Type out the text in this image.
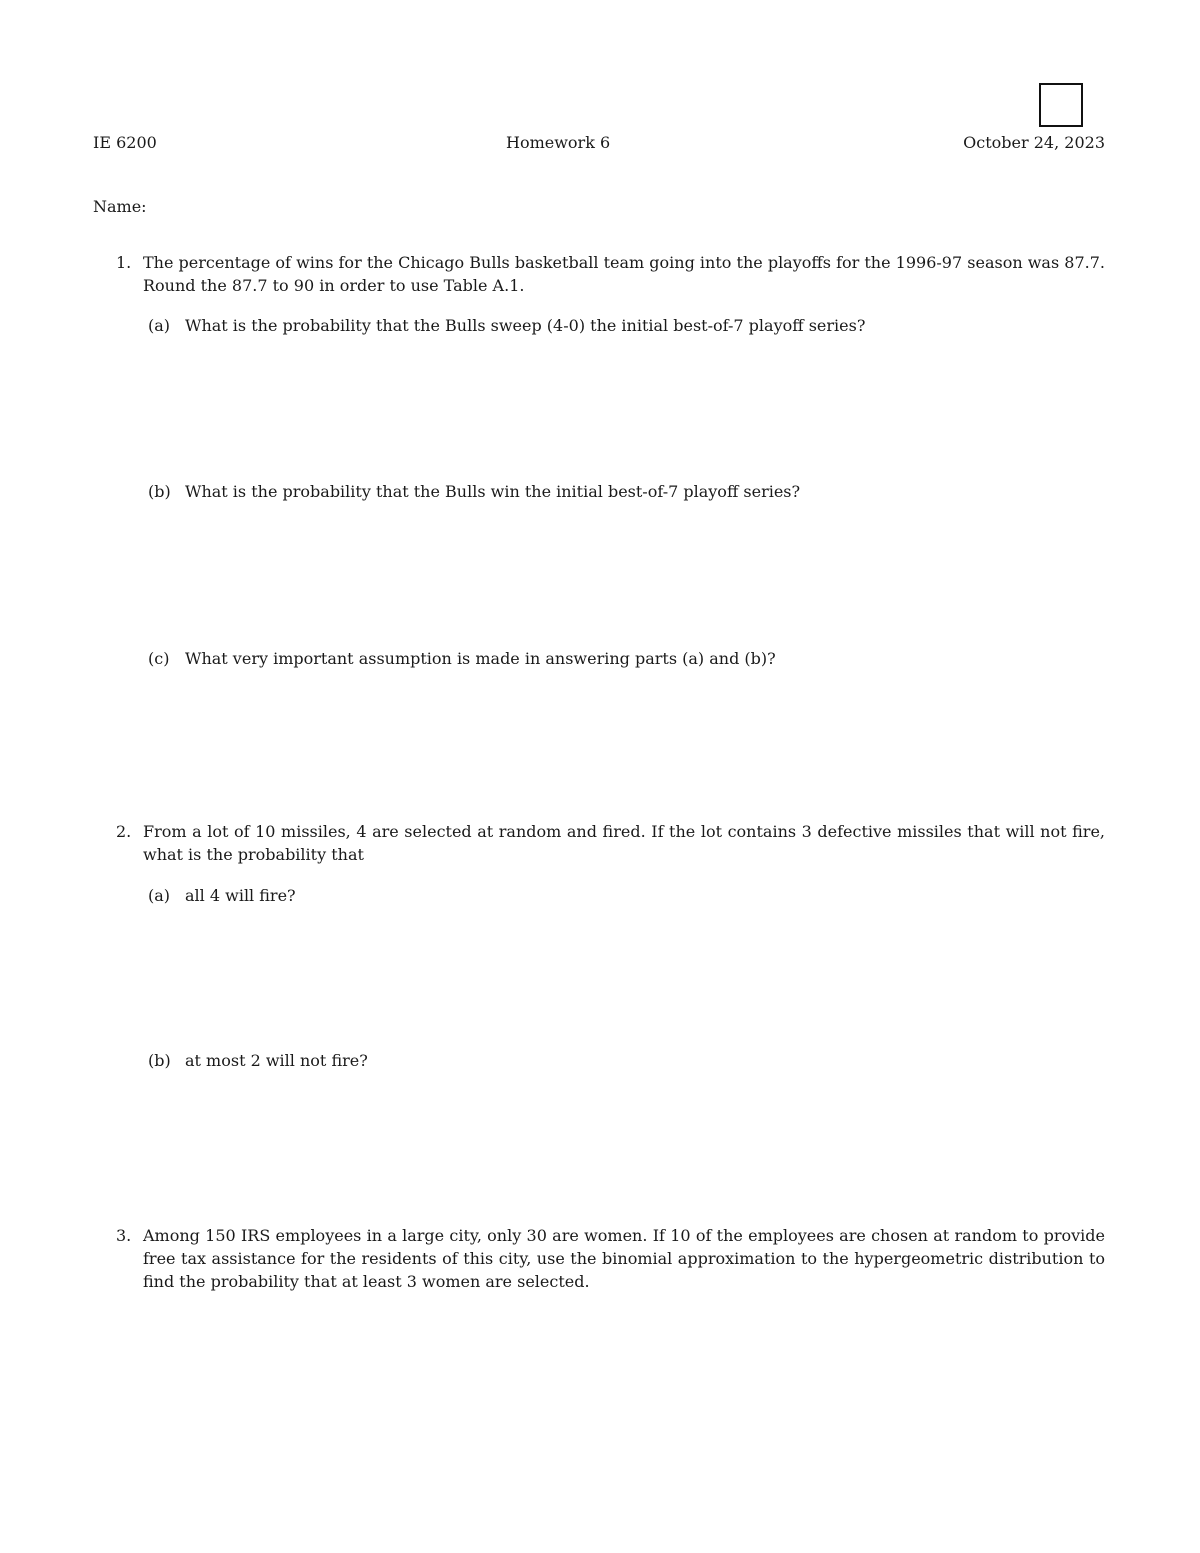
IE 6200	Homework 6	October 24, 2023
Name:
1. The percentage of wins for the Chicago Bulls basketball team going into the playoffs for the 1996-97 season was 87.7. Round the 87.7 to 90 in order to use Table A.1.
(a) What is the probability that the Bulls sweep (4-0) the initial best-of-7 playoff series?
(b) What is the probability that the Bulls win the initial best-of-7 playoff series?
(c) What very important assumption is made in answering parts (a) and (b)?
2. From a lot of 10 missiles, 4 are selected at random and fired. If the lot contains 3 defective missiles that will not fire, what is the probability that
(a) all 4 will fire?
(b) at most 2 will not fire?
3. Among 150 IRS employees in a large city, only 30 are women. If 10 of the employees are chosen at random to provide free tax assistance for the residents of this city, use the binomial approximation to the hypergeometric distribution to find the probability that at least 3 women are selected.
